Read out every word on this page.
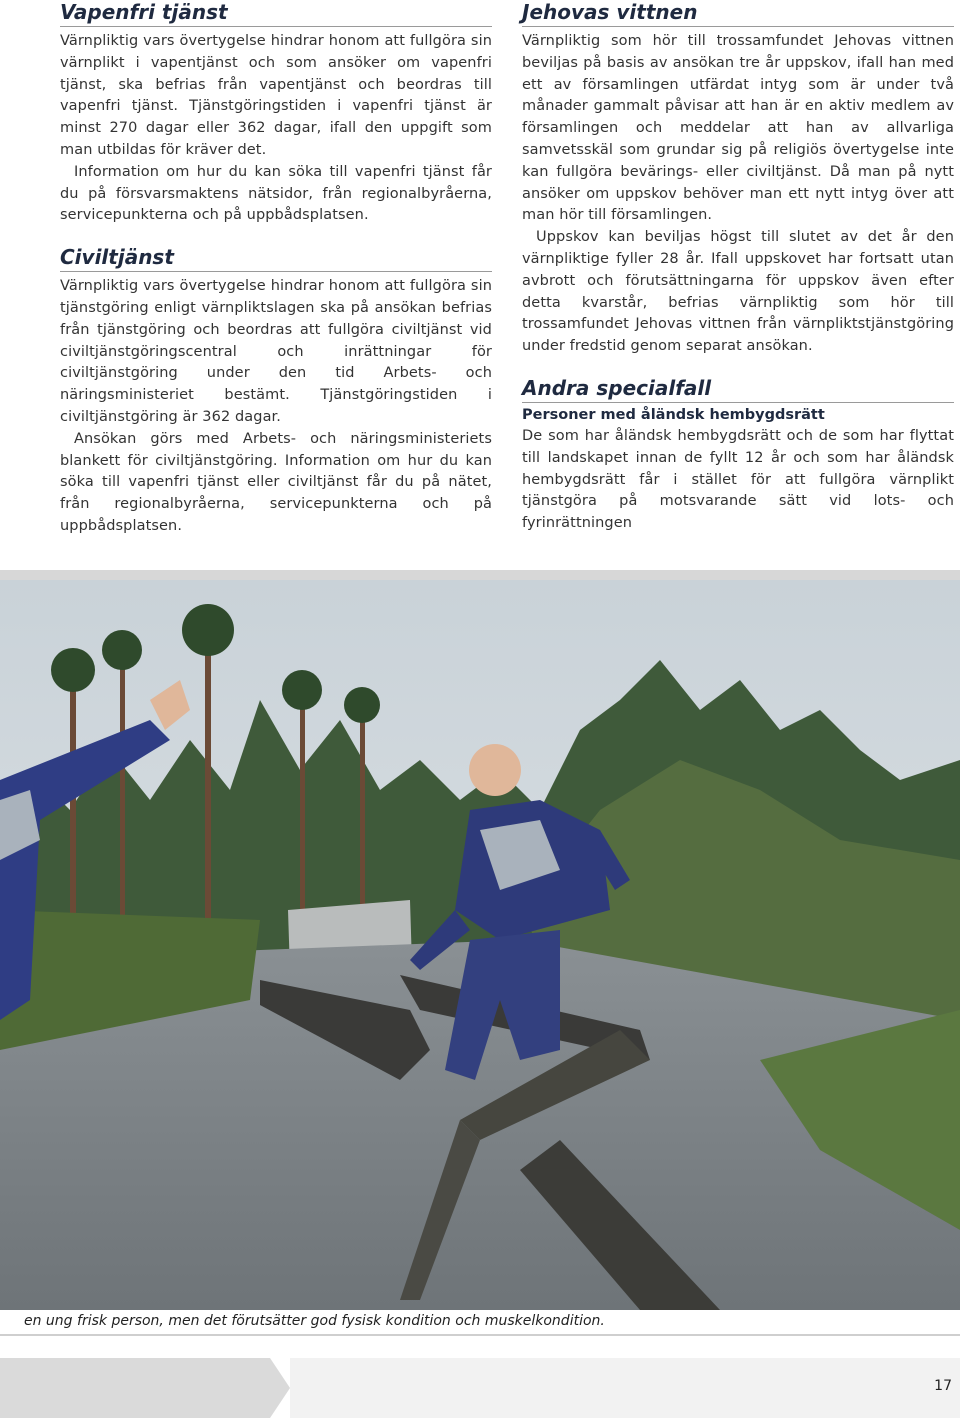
Vapenfri tjänst

Värnpliktig vars övertygelse hindrar honom att fullgöra sin värnplikt i vapentjänst och som ansöker om vapenfri tjänst, ska befrias från vapentjänst och beordras till vapenfri tjänst. Tjänstgöringstiden i vapenfri tjänst är minst 270 dagar eller 362 dagar, ifall den uppgift som man utbildas för kräver det.

Information om hur du kan söka till vapenfri tjänst får du på försvarsmaktens nätsidor, från regionalbyråerna, servicepunkterna och på uppbådsplatsen.

Civiltjänst

Värnpliktig vars övertygelse hindrar honom att fullgöra sin tjänstgöring enligt värnpliktslagen ska på ansökan befrias från tjänstgöring och beordras att fullgöra civiltjänst vid civiltjänstgöringscentral och inrättningar för civiltjänstgöring under den tid Arbets- och näringsministeriet bestämt. Tjänstgöringstiden i civiltjänstgöring är 362 dagar.

Ansökan görs med Arbets- och näringsministeriets blankett för civiltjänstgöring. Information om hur du kan söka till vapenfri tjänst eller civiltjänst får du på nätet, från regionalbyråerna, servicepunkterna och på uppbådsplatsen.

Jehovas vittnen

Värnpliktig som hör till trossamfundet Jehovas vittnen beviljas på basis av ansökan tre år uppskov, ifall han med ett av församlingen utfärdat intyg som är under två månader gammalt påvisar att han är en aktiv medlem av församlingen och meddelar att han av allvarliga samvetsskäl som grundar sig på religiös övertygelse inte kan fullgöra bevärings- eller civiltjänst. Då man på nytt ansöker om uppskov behöver man ett nytt intyg över att man hör till församlingen.

Uppskov kan beviljas högst till slutet av det år den värnpliktige fyller 28 år. Ifall uppskovet har fortsatt utan avbrott och förutsättningarna för uppskov även efter detta kvarstår, befrias värnpliktig som hör till trossamfundet Jehovas vittnen från värnpliktstjänstgöring under fredstid genom separat ansökan.

Andra specialfall
Personer med åländsk hembygdsrätt

De som har åländsk hembygdsrätt och de som har flyttat till landskapet innan de fyllt 12 år och som har åländsk hembygdsrätt får i stället för att fullgöra värnplikt tjänstgöra på motsvarande sätt vid lots- och fyrinrättningen

en ung frisk person, men det förutsätter god fysisk kondition och muskelkondition.
17
